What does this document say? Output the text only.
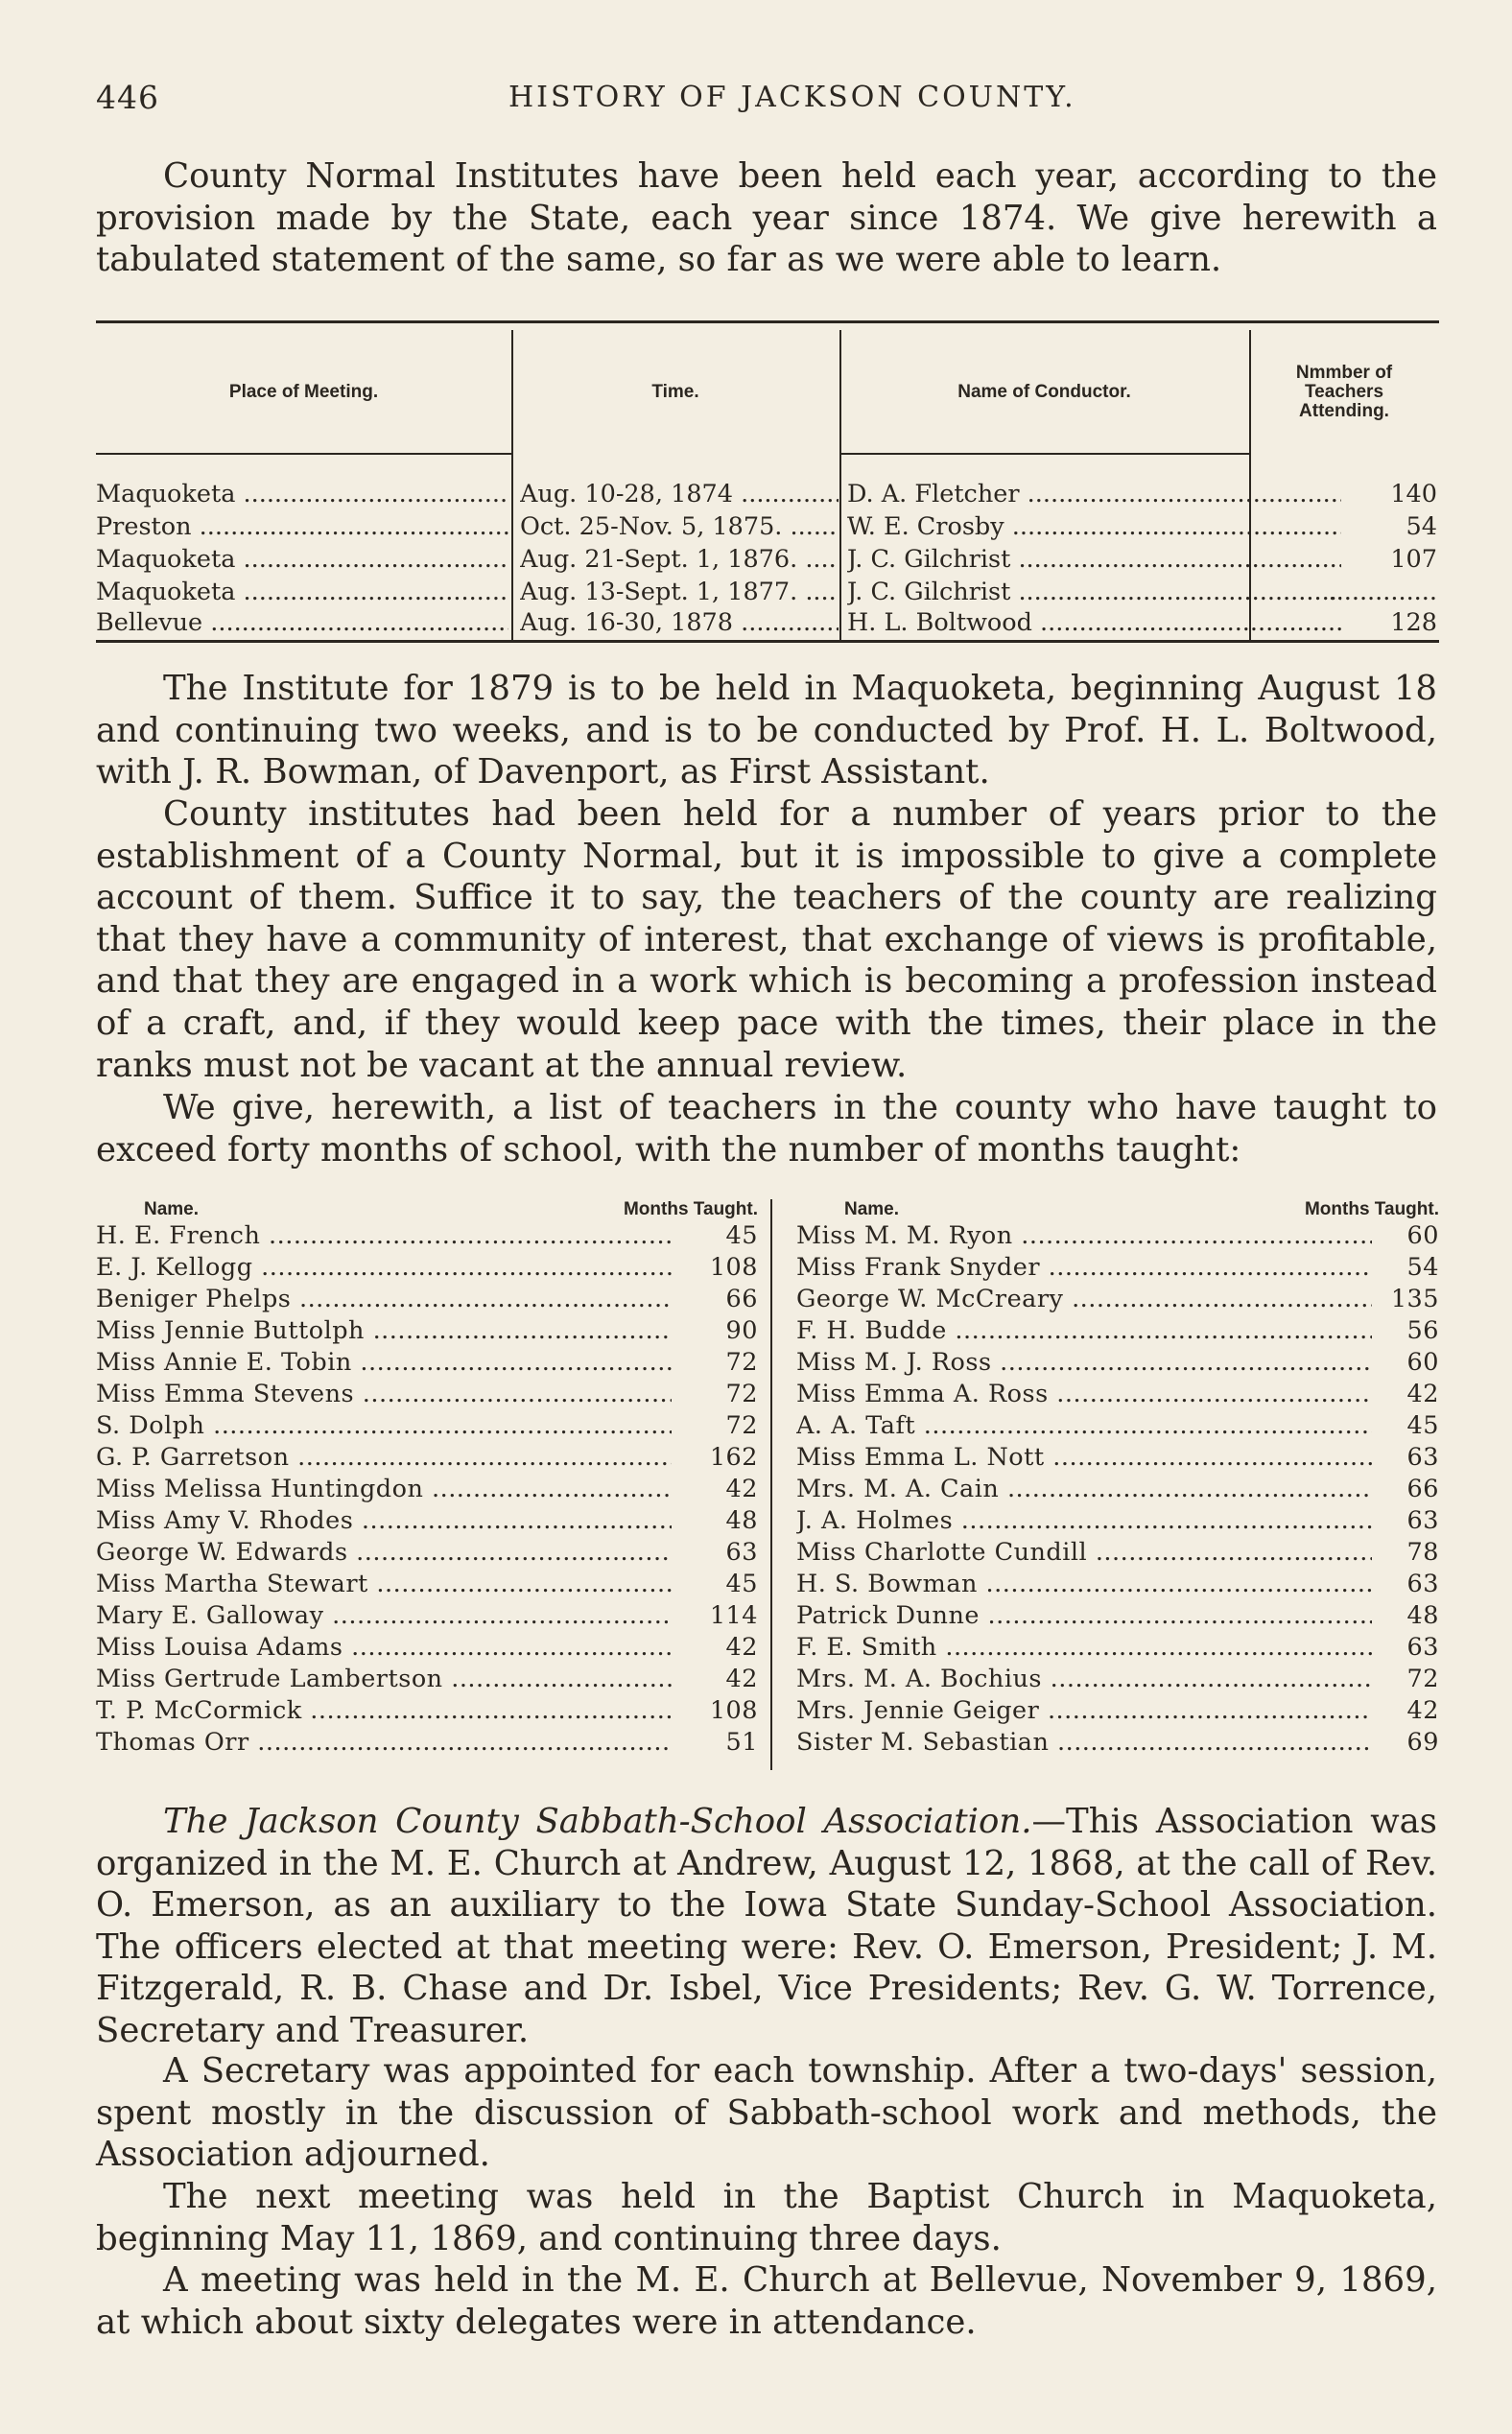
446	HISTORY OF JACKSON COUNTY.

County Normal Institutes have been held each year, according to the provision made by the State, each year since 1874. We give herewith a tabulated statement of the same, so far as we were able to learn.

Place of Meeting.	Time.	Name of Conductor.
Nmmber of
Teachers
Attending.
Maquoketa .....	Aug. 10-28, 1874 .....	D. A. Fletcher .....	140
Preston .....	Oct. 25-Nov. 5, 1875. .....	W. E. Crosby .....	54
Maquoketa .....	Aug. 21-Sept. 1, 1876. .....	J. C. Gilchrist .....	107
Maquoketa .....	Aug. 13-Sept. 1, 1877. .....	J. C. Gilchrist .....	..............
Bellevue .....	Aug. 16-30, 1878 .....	H. L. Boltwood .....	128

The Institute for 1879 is to be held in Maquoketa, beginning August 18 and continuing two weeks, and is to be conducted by Prof. H. L. Boltwood, with J. R. Bowman, of Davenport, as First Assistant.

County institutes had been held for a number of years prior to the establishment of a County Normal, but it is impossible to give a complete account of them. Suffice it to say, the teachers of the county are realizing that they have a community of interest, that exchange of views is profitable, and that they are engaged in a work which is becoming a profession instead of a craft, and, if they would keep pace with the times, their place in the ranks must not be vacant at the annual review.

We give, herewith, a list of teachers in the county who have taught to exceed forty months of school, with the number of months taught:

Name.	Months Taught.
H. E. French .....	45
E. J. Kellogg .....	108
Beniger Phelps .....	66
Miss Jennie Buttolph .....	90
Miss Annie E. Tobin .....	72
Miss Emma Stevens .....	72
S. Dolph .....	72
G. P. Garretson .....	162
Miss Melissa Huntingdon .....	42
Miss Amy V. Rhodes .....	48
George W. Edwards .....	63
Miss Martha Stewart .....	45
Mary E. Galloway .....	114
Miss Louisa Adams .....	42
Miss Gertrude Lambertson .....	42
T. P. McCormick .....	108
Thomas Orr .....	51
Name.	Months Taught.
Miss M. M. Ryon .....	60
Miss Frank Snyder .....	54
George W. McCreary .....	135
F. H. Budde .....	56
Miss M. J. Ross .....	60
Miss Emma A. Ross .....	42
A. A. Taft .....	45
Miss Emma L. Nott .....	63
Mrs. M. A. Cain .....	66
J. A. Holmes .....	63
Miss Charlotte Cundill .....	78
H. S. Bowman .....	63
Patrick Dunne .....	48
F. E. Smith .....	63
Mrs. M. A. Bochius .....	72
Mrs. Jennie Geiger .....	42
Sister M. Sebastian .....	69

The Jackson County Sabbath-School Association.—This Association was organized in the M. E. Church at Andrew, August 12, 1868, at the call of Rev. O. Emerson, as an auxiliary to the Iowa State Sunday-School Association. The officers elected at that meeting were: Rev. O. Emerson, President; J. M. Fitzgerald, R. B. Chase and Dr. Isbel, Vice Presidents; Rev. G. W. Torrence, Secretary and Treasurer.

A Secretary was appointed for each township. After a two-days' session, spent mostly in the discussion of Sabbath-school work and methods, the Association adjourned.

The next meeting was held in the Baptist Church in Maquoketa, beginning May 11, 1869, and continuing three days.

A meeting was held in the M. E. Church at Bellevue, November 9, 1869, at which about sixty delegates were in attendance.
